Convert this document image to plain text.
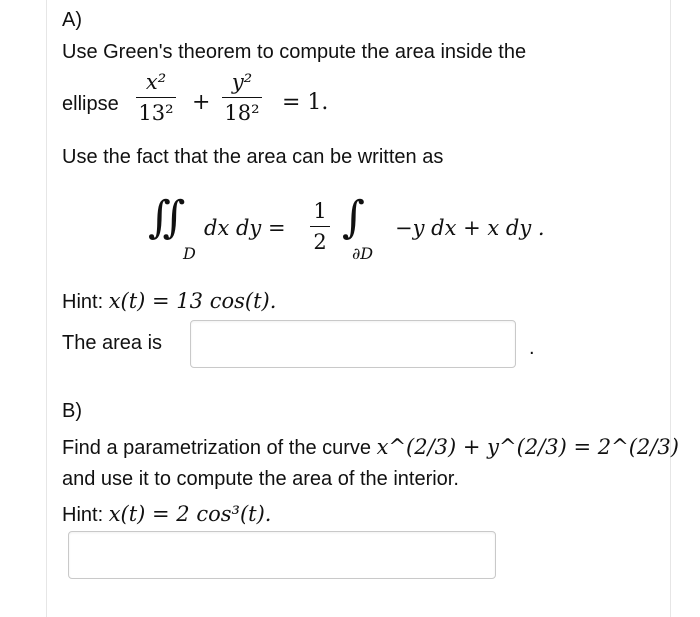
A)
Use Green's theorem to compute the area inside the
ellipse
x²
13² +
y²
18² = 1.
Use the fact that the area can be written as
∬
D
dx dy =
1
2 ∫
∂D
−y dx + x dy .
Hint: x(t) = 13 cos(t).
The area is	.
B)
Find a parametrization of the curve x^(2/3) + y^(2/3) = 2^(2/3)
and use it to compute the area of the interior.
Hint: x(t) = 2 cos³(t).
